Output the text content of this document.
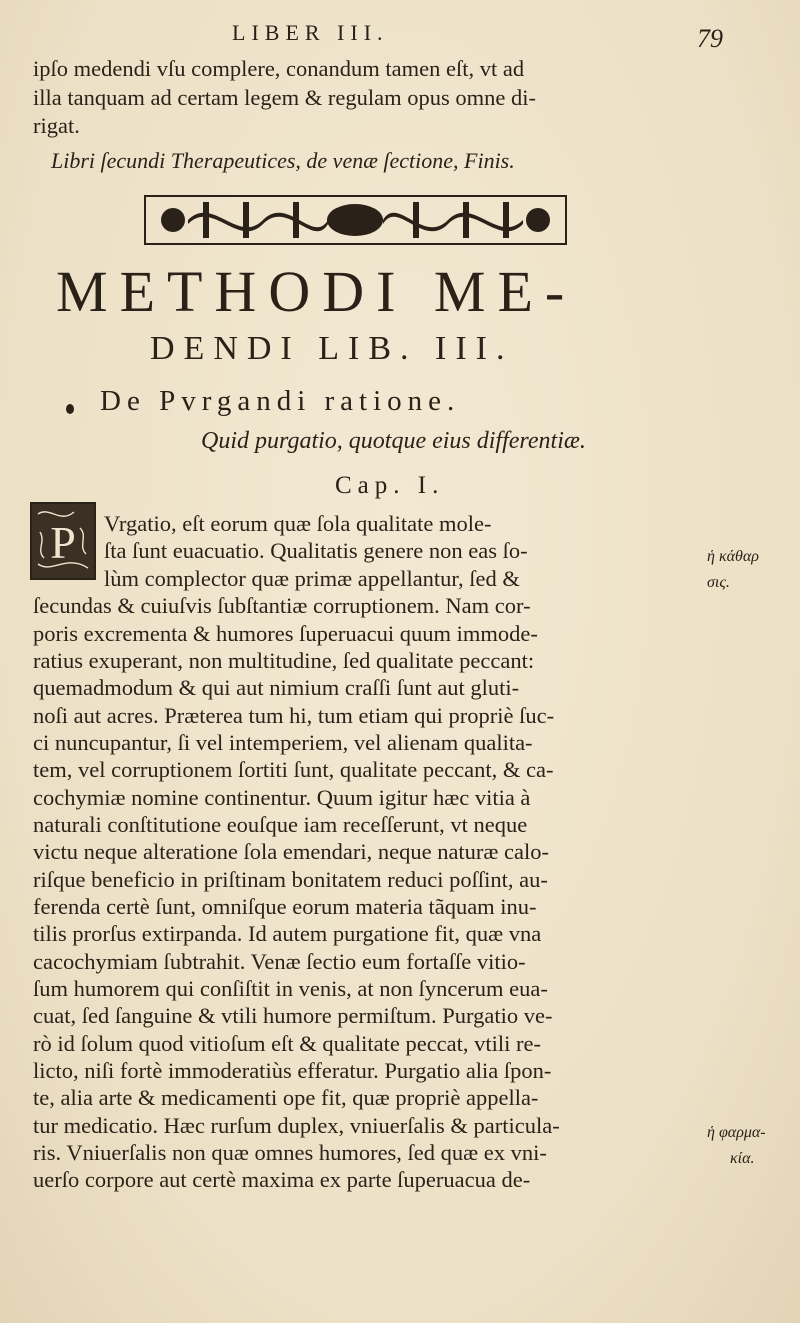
LIBER III.	79
ipſo medendi vſu complere, conandum tamen eſt, vt ad
illa tanquam ad certam legem & regulam opus omne di-
rigat.
Libri ſecundi Therapeutices, de venæ ſectione, Finis.
METHODI ME-
DENDI LIB. III.
De Pvrgandi ratione.
Quid purgatio, quotque eius differentiæ.
Cap. I.
P Vrgatio, eſt eorum quæ ſola qualitate mole-
ſta ſunt euacuatio. Qualitatis genere non eas ſo-
lùm complector quæ primæ appellantur, ſed &
ſecundas & cuiuſvis ſubſtantiæ corruptionem. Nam cor-
poris excrementa & humores ſuperuacui quum immode-
ratius exuperant, non multitudine, ſed qualitate peccant:
quemadmodum & qui aut nimium craſſi ſunt aut gluti-
noſi aut acres. Præterea tum hi, tum etiam qui propriè ſuc-
ci nuncupantur, ſi vel intemperiem, vel alienam qualita-
tem, vel corruptionem ſortiti ſunt, qualitate peccant, & ca-
cochymiæ nomine continentur. Quum igitur hæc vitia à
naturali conſtitutione eouſque iam receſſerunt, vt neque
victu neque alteratione ſola emendari, neque naturæ calo-
riſque beneficio in priſtinam bonitatem reduci poſſint, au-
ferenda certè ſunt, omniſque eorum materia tãquam inu-
tilis prorſus extirpanda. Id autem purgatione fit, quæ vna
cacochymiam ſubtrahit. Venæ ſectio eum fortaſſe vitio-
ſum humorem qui conſiſtit in venis, at non ſyncerum eua-
cuat, ſed ſanguine & vtili humore permiſtum. Purgatio ve-
rò id ſolum quod vitioſum eſt & qualitate peccat, vtili re-
licto, niſi fortè immoderatiùs efferatur. Purgatio alia ſpon-
te, alia arte & medicamenti ope fit, quæ propriè appella-
tur medicatio. Hæc rurſum duplex, vniuerſalis & particula-
ris. Vniuerſalis non quæ omnes humores, ſed quæ ex vni-
uerſo corpore aut certè maxima ex parte ſuperuacua de-
ἡ κάθαρ
σις.
ἡ φαρμα-
κία.
